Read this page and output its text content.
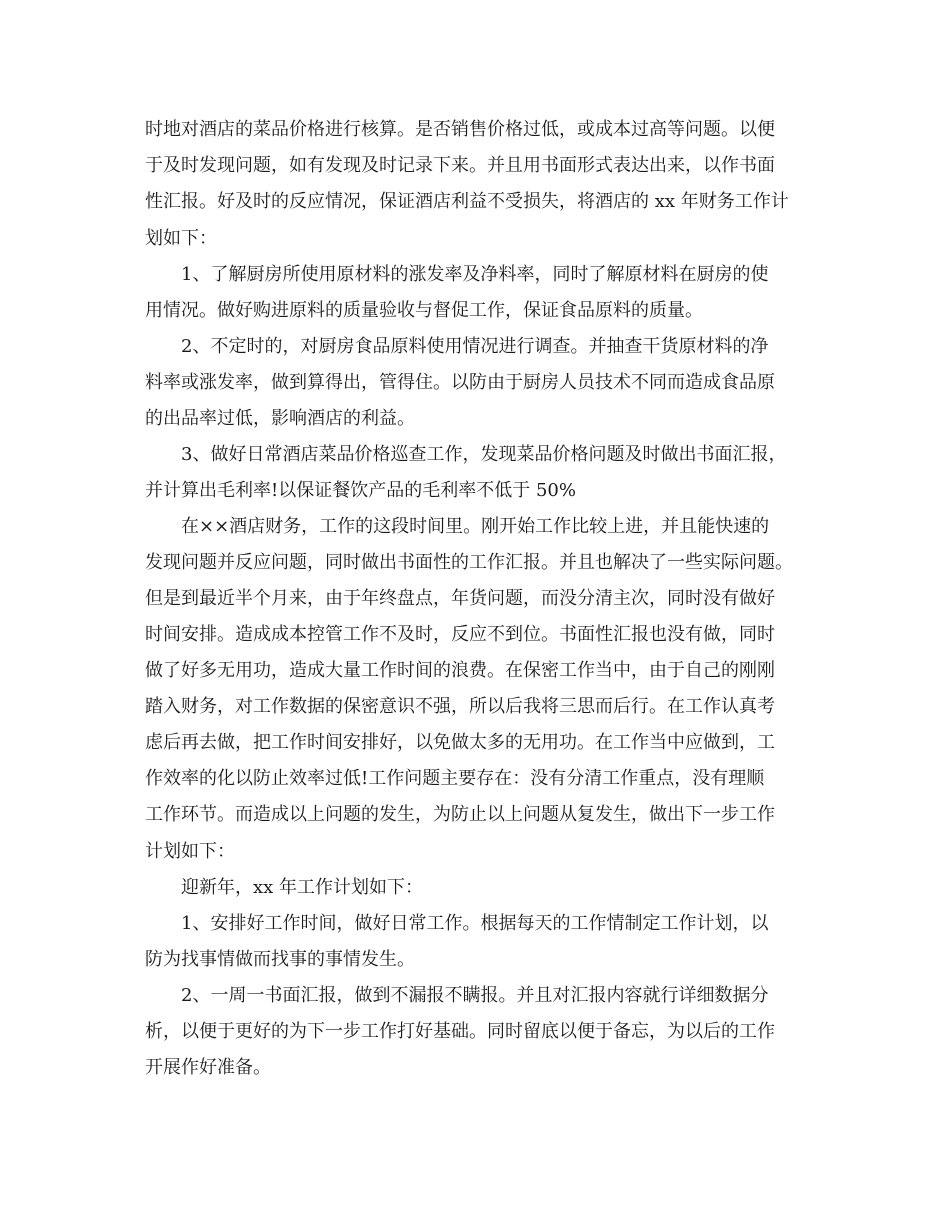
时地对酒店的菜品价格进行核算。是否销售价格过低，或成本过高等问题。以便
于及时发现问题，如有发现及时记录下来。并且用书面形式表达出来，以作书面
性汇报。好及时的反应情况，保证酒店利益不受损失，将酒店的 xx 年财务工作计
划如下：
1、了解厨房所使用原材料的涨发率及净料率，同时了解原材料在厨房的使
用情况。做好购进原料的质量验收与督促工作，保证食品原料的质量。
2、不定时的，对厨房食品原料使用情况进行调查。并抽查干货原材料的净
料率或涨发率，做到算得出，管得住。以防由于厨房人员技术不同而造成食品原
的出品率过低，影响酒店的利益。
3、做好日常酒店菜品价格巡查工作，发现菜品价格问题及时做出书面汇报，
并计算出毛利率!以保证餐饮产品的毛利率不低于 50%
在××酒店财务，工作的这段时间里。刚开始工作比较上进，并且能快速的
发现问题并反应问题，同时做出书面性的工作汇报。并且也解决了一些实际问题。
但是到最近半个月来，由于年终盘点，年货问题，而没分清主次，同时没有做好
时间安排。造成成本控管工作不及时，反应不到位。书面性汇报也没有做，同时
做了好多无用功，造成大量工作时间的浪费。在保密工作当中，由于自己的刚刚
踏入财务，对工作数据的保密意识不强，所以后我将三思而后行。在工作认真考
虑后再去做，把工作时间安排好，以免做太多的无用功。在工作当中应做到，工
作效率的化以防止效率过低!工作问题主要存在：没有分清工作重点，没有理顺
工作环节。而造成以上问题的发生，为防止以上问题从复发生，做出下一步工作
计划如下：
迎新年，xx 年工作计划如下：
1、安排好工作时间，做好日常工作。根据每天的工作情制定工作计划，以
防为找事情做而找事的事情发生。
2、一周一书面汇报，做到不漏报不瞒报。并且对汇报内容就行详细数据分
析，以便于更好的为下一步工作打好基础。同时留底以便于备忘，为以后的工作
开展作好准备。
